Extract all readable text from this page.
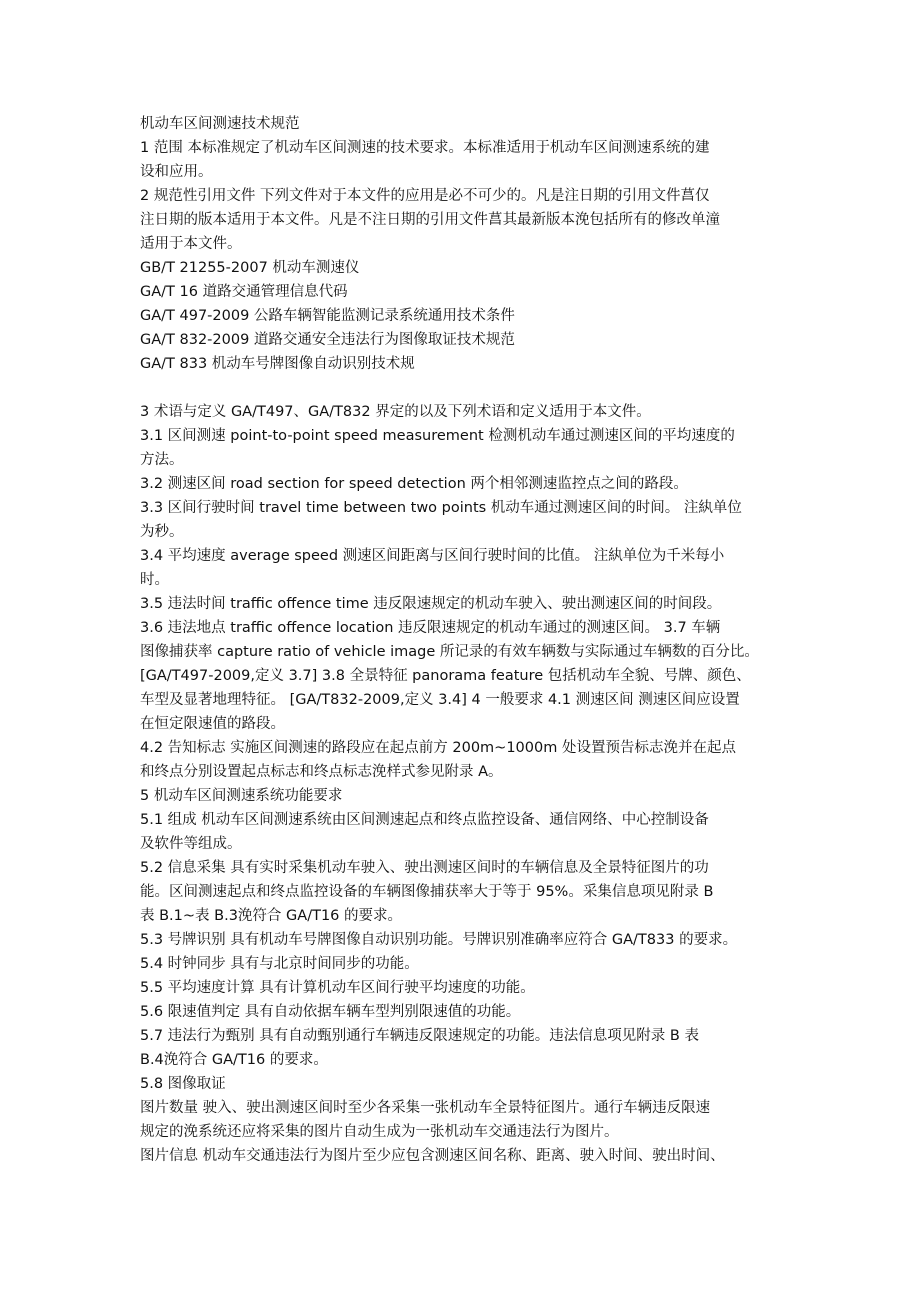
机动车区间测速技术规范
1 范围 本标准规定了机动车区间测速的技术要求。本标准适用于机动车区间测速系统的建
设和应用。
2 规范性引用文件 下列文件对于本文件的应用是必不可少的。凡是注日期的引用文件菖仅
注日期的版本适用于本文件。凡是不注日期的引用文件菖其最新版本浼包括所有的修改单潼
适用于本文件。
GB/T 21255-2007 机动车测速仪
GA/T 16 道路交通管理信息代码
GA/T 497-2009 公路车辆智能监测记录系统通用技术条件
GA/T 832-2009 道路交通安全违法行为图像取证技术规范
GA/T 833 机动车号牌图像自动识别技术规
3 术语与定义 GA/T497、GA/T832 界定的以及下列术语和定义适用于本文件。
3.1 区间测速 point-to-point speed measurement 检测机动车通过测速区间的平均速度的
方法。
3.2 测速区间 road section for speed detection 两个相邻测速监控点之间的路段。
3.3 区间行驶时间 travel time between two points 机动车通过测速区间的时间。 注紈单位
为秒。
3.4 平均速度 average speed 测速区间距离与区间行驶时间的比值。 注紈单位为千米每小
时。
3.5 违法时间 traffic offence time 违反限速规定的机动车驶入、驶出测速区间的时间段。
3.6 违法地点 traffic offence location 违反限速规定的机动车通过的测速区间。 3.7 车辆
图像捕获率 capture ratio of vehicle image 所记录的有效车辆数与实际通过车辆数的百分比。
[GA/T497-2009,定义 3.7] 3.8 全景特征 panorama feature 包括机动车全貌、号牌、颜色、
车型及显著地理特征。 [GA/T832-2009,定义 3.4] 4 一般要求 4.1 测速区间 测速区间应设置
在恒定限速值的路段。
4.2 告知标志 实施区间测速的路段应在起点前方 200m~1000m 处设置预告标志浼并在起点
和终点分别设置起点标志和终点标志浼样式参见附录 A。
5 机动车区间测速系统功能要求
5.1 组成 机动车区间测速系统由区间测速起点和终点监控设备、通信网络、中心控制设备
及软件等组成。
5.2 信息采集 具有实时采集机动车驶入、驶出测速区间时的车辆信息及全景特征图片的功
能。区间测速起点和终点监控设备的车辆图像捕获率大于等于 95%。采集信息项见附录 B
表 B.1~表 B.3浼符合 GA/T16 的要求。
5.3 号牌识别 具有机动车号牌图像自动识别功能。号牌识别准确率应符合 GA/T833 的要求。
5.4 时钟同步 具有与北京时间同步的功能。
5.5 平均速度计算 具有计算机动车区间行驶平均速度的功能。
5.6 限速值判定 具有自动依据车辆车型判别限速值的功能。
5.7 违法行为甄别 具有自动甄别通行车辆违反限速规定的功能。违法信息项见附录 B 表
B.4浼符合 GA/T16 的要求。
5.8 图像取证
图片数量 驶入、驶出测速区间时至少各采集一张机动车全景特征图片。通行车辆违反限速
规定的浼系统还应将采集的图片自动生成为一张机动车交通违法行为图片。
图片信息 机动车交通违法行为图片至少应包含测速区间名称、距离、驶入时间、驶出时间、
